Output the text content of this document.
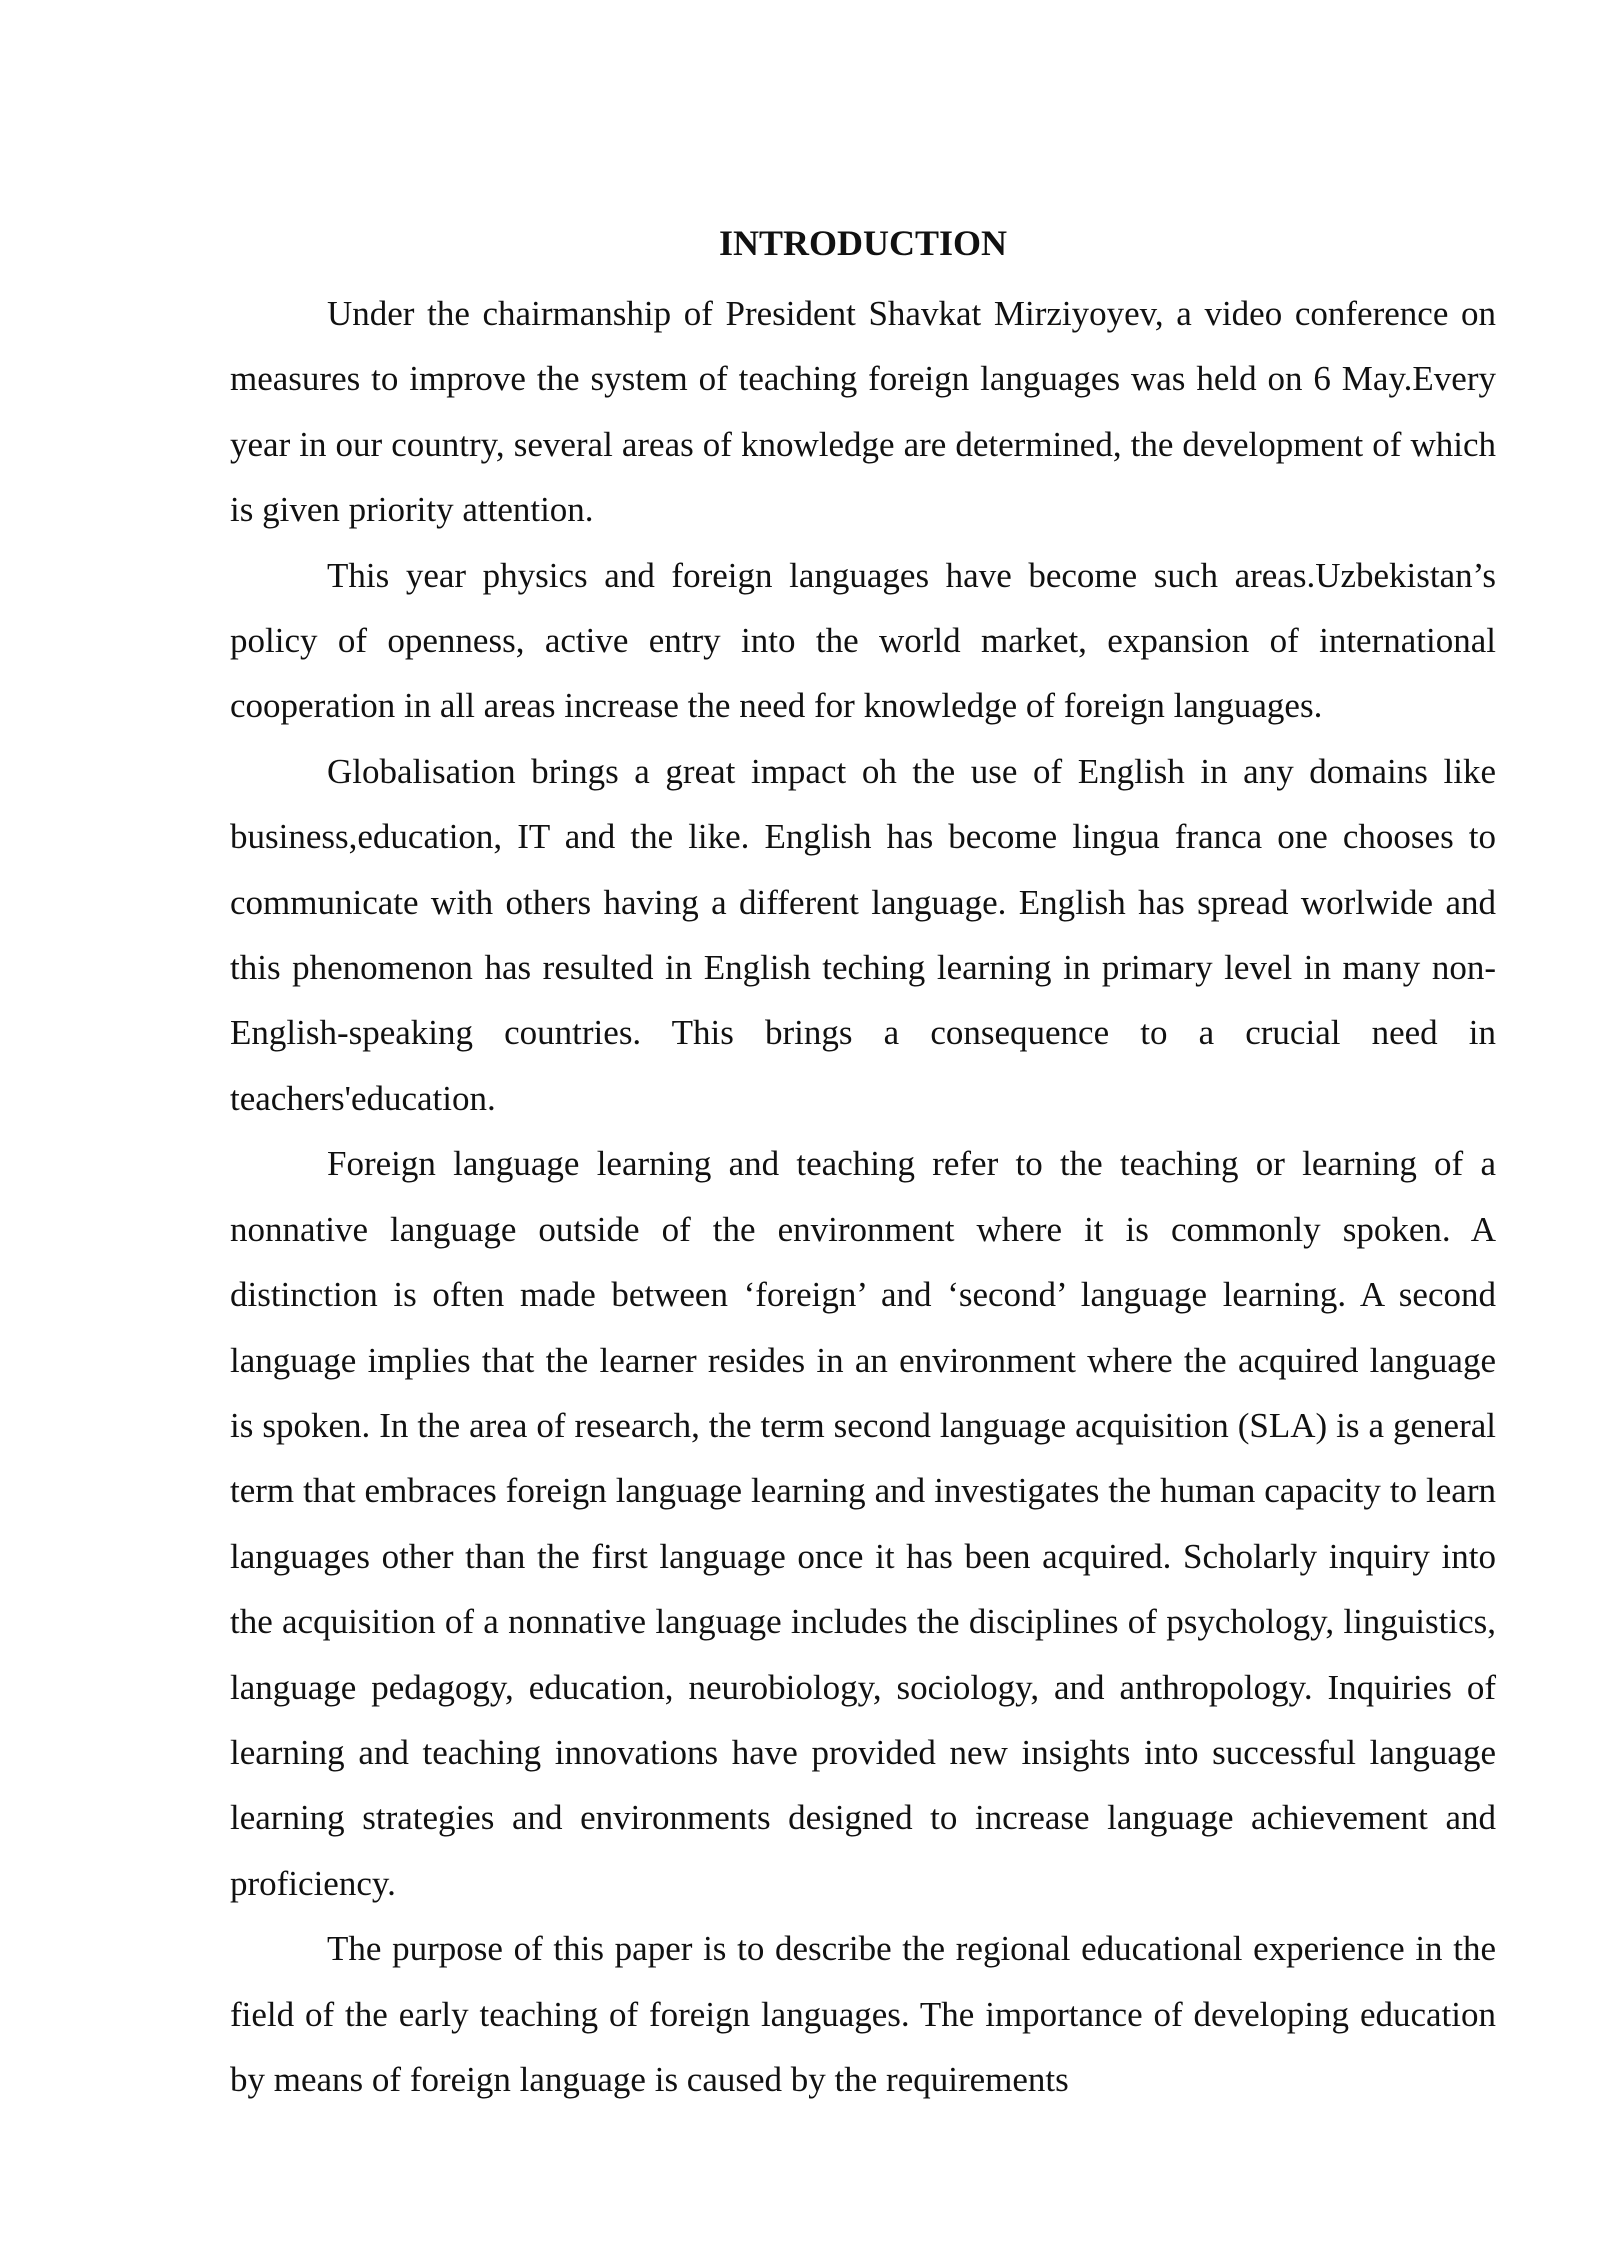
INTRODUCTION

Under the chairmanship of President Shavkat Mirziyoyev, a video conference on measures to improve the system of teaching foreign languages was held on 6 May.Every year in our country, several areas of knowledge are determined, the development of which is given priority attention.

This year physics and foreign languages have become such areas.Uzbekistan’s policy of openness, active entry into the world market, expansion of international cooperation in all areas increase the need for knowledge of foreign languages.

Globalisation brings a great impact oh the use of English in any domains like business,education, IT and the like. English has become lingua franca one chooses to communicate with others having a different language. English has spread worlwide and this phenomenon has resulted in English teching learning in primary level in many non-English-speaking countries. This brings a consequence to a crucial need in teachers'education.

Foreign language learning and teaching refer to the teaching or learning of a nonnative language outside of the environment where it is commonly spoken. A distinction is often made between ‘foreign’ and ‘second’ language learning. A second language implies that the learner resides in an environment where the acquired language is spoken. In the area of research, the term second language acquisition (SLA) is a general term that embraces foreign language learning and investigates the human capacity to learn languages other than the first language once it has been acquired. Scholarly inquiry into the acquisition of a nonnative language includes the disciplines of psychology, linguistics, language pedagogy, education, neurobiology, sociology, and anthropology. Inquiries of learning and teaching innovations have provided new insights into successful language learning strategies and environments designed to increase language achievement and proficiency.

The purpose of this paper is to describe the regional educational experience in the field of the early teaching of foreign languages. The importance of developing education by means of foreign language is caused by the requirements
